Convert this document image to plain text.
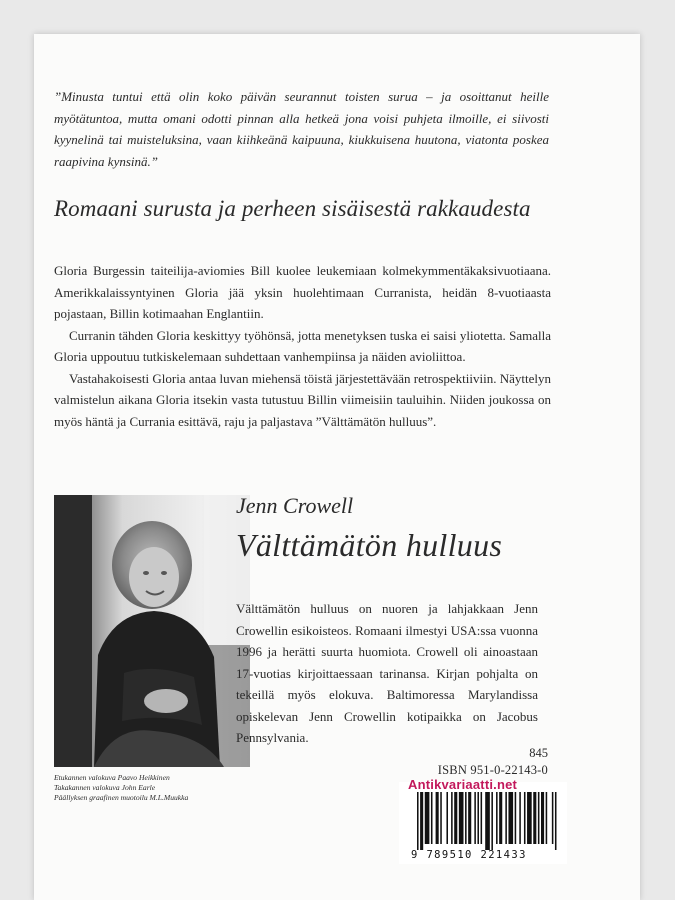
”Minusta tuntui että olin koko päivän seurannut toisten surua – ja osoittanut heille myötätuntoa, mutta omani odotti pinnan alla hetkeä jona voisi puhjeta ilmoille, ei siivosti kyynelinä tai muisteluksina, vaan kiihkeänä kaipuuna, kiukkuisena huutona, viatonta poskea raapivina kynsinä.”

Romaani surusta ja perheen sisäisestä rakkaudesta

Gloria Burgessin taiteilija-aviomies Bill kuolee leukemiaan kolmekymmentäkaksivuotiaana. Amerikkalaissyntyinen Gloria jää yksin huolehtimaan Curranista, heidän 8-vuotiaasta pojastaan, Billin kotimaahan Englantiin.

Curranin tähden Gloria keskittyy työhönsä, jotta menetyksen tuska ei saisi yliotetta. Samalla Gloria uppoutuu tutkiskelemaan suhdettaan vanhempiinsa ja näiden avioliittoa.

Vastahakoisesti Gloria antaa luvan miehensä töistä järjestettävään retrospektiiviin. Näyttelyn valmistelun aikana Gloria itsekin vasta tutustuu Billin viimeisiin tauluihin. Niiden joukossa on myös häntä ja Currania esittävä, raju ja paljastava ”Välttämätön hulluus”.

Etukannen valokuva Paavo Heikkinen
Takakannen valokuva John Earle
Päällyksen graafinen muotoilu M.L.Muukka
Jenn Crowell
Välttämätön hulluus

Välttämätön hulluus on nuoren ja lahjakkaan Jenn Crowellin esikoisteos. Romaani ilmestyi USA:ssa vuonna 1996 ja herätti suurta huomiota. Crowell oli ainoastaan 17-vuotias kirjoittaessaan tarinansa. Kirjan pohjalta on tekeillä myös elokuva. Baltimoressa Marylandissa opiskelevan Jenn Crowellin kotipaikka on Jacobus Pennsylvania.

845
ISBN 951-0-22143-0
9 789510 221433
Antikvariaatti.net
